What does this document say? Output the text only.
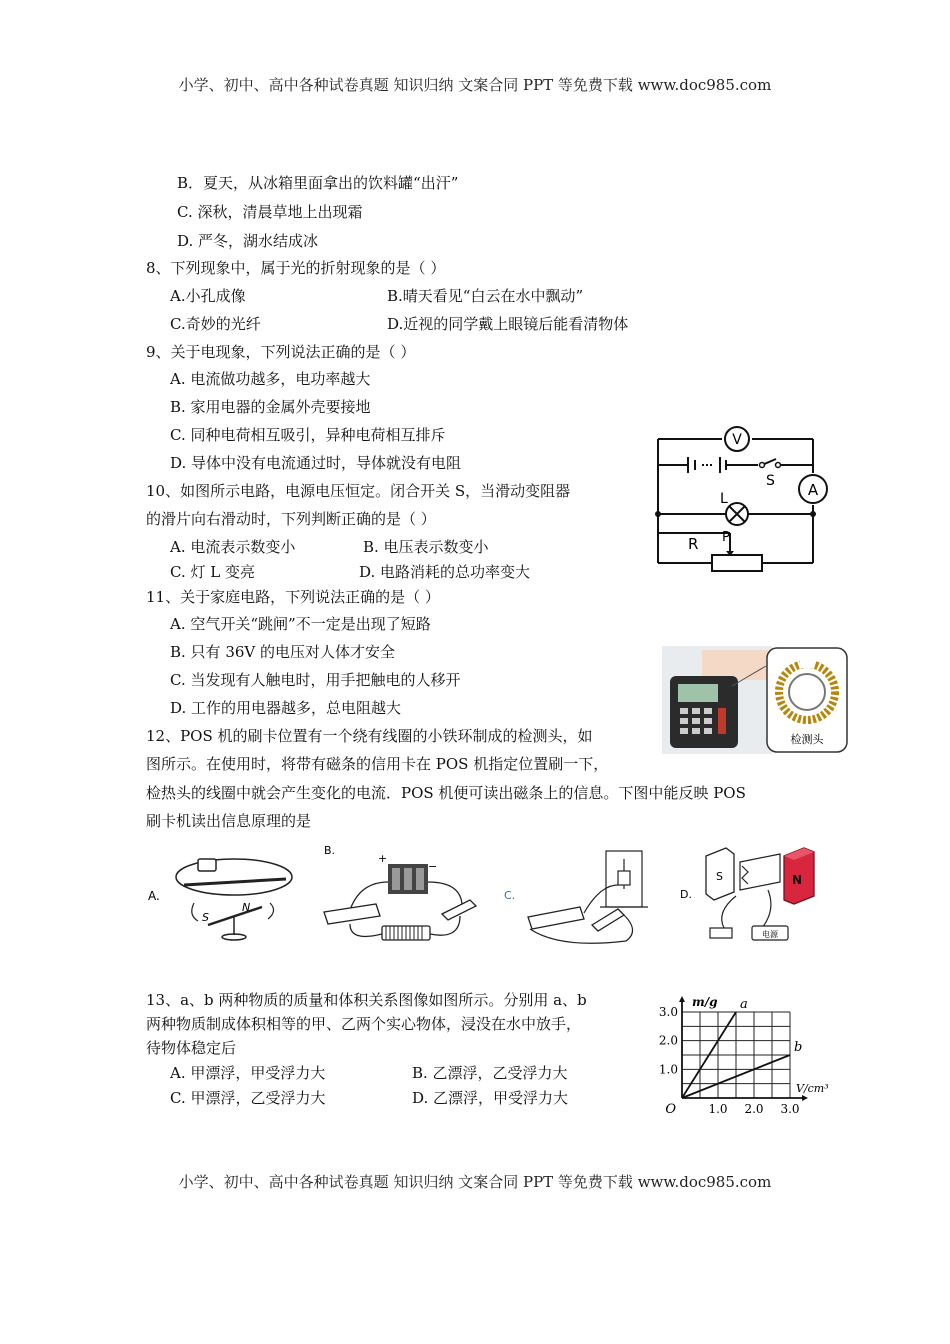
小学、初中、高中各种试卷真题 知识归纳 文案合同 PPT 等免费下载 www.doc985.com
小学、初中、高中各种试卷真题 知识归纳 文案合同 PPT 等免费下载 www.doc985.com
B．夏天，从冰箱里面拿出的饮料罐“出汗”
C. 深秋，清晨草地上出现霜
D. 严冬，湖水结成冰
8、下列现象中，属于光的折射现象的是（ ）
A.小孔成像	B.晴天看见“白云在水中飘动”
C.奇妙的光纤	D.近视的同学戴上眼镜后能看清物体
9、关于电现象，下列说法正确的是（ ）
A. 电流做功越多，电功率越大
B. 家用电器的金属外壳要接地
C. 同种电荷相互吸引，异种电荷相互排斥
D. 导体中没有电流通过时，导体就没有电阻
10、如图所示电路，电源电压恒定。闭合开关 S，当滑动变阻器
的滑片向右滑动时，下列判断正确的是（ ）
A. 电流表示数变小	B. 电压表示数变小
C. 灯 L 变亮	D. 电路消耗的总功率变大
V
A
L
S
R P
11、关于家庭电路，下列说法正确的是（ ）
A. 空气开关“跳闸”不一定是出现了短路
B. 只有 36V 的电压对人体才安全
C. 当发现有人触电时，用手把触电的人移开
D. 工作的用电器越多，总电阻越大
检测头
12、POS 机的刷卡位置有一个绕有线圈的小铁环制成的检测头，如
图所示。在使用时，将带有磁条的信用卡在 POS 机指定位置刷一下，
检热头的线圈中就会产生变化的电流．POS 机便可读出磁条上的信息。下图中能反映 POS
刷卡机读出信息原理的是
A.
S
N
B.
+
−
C.	D.
S	N
电源
13、a、b 两种物质的质量和体积关系图像如图所示。分别用 a、b
两种物质制成体积相等的甲、乙两个实心物体，浸没在水中放手，
待物体稳定后
A. 甲漂浮，甲受浮力大	B. 乙漂浮，乙受浮力大
C. 甲漂浮，乙受浮力大	D. 乙漂浮，甲受浮力大
1.0 2.0 3.0
1.0
2.0
3.0
O
m/g
V/cm³
a
b
